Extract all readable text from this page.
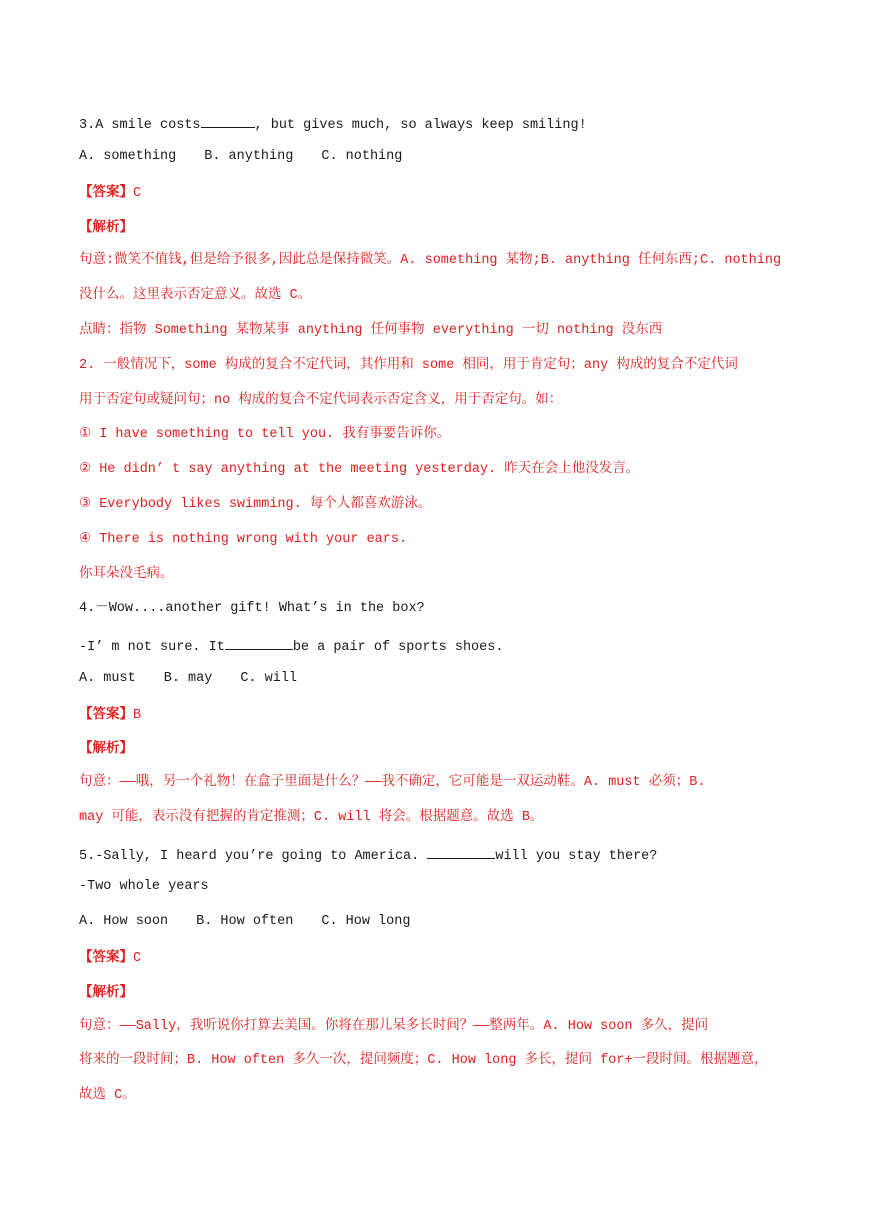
3.A smile costs	, but gives much, so always keep smiling!
A. something B. anything C. nothing
【答案】C
【解析】
句意:微笑不值钱,但是给予很多,因此总是保持微笑。A. something 某物;B. anything 任何东西;C. nothing
没什么。这里表示否定意义。故选 C。
点睛：指物 Something 某物某事 anything 任何事物 everything 一切 nothing 没东西
2. 一般情况下，some 构成的复合不定代词，其作用和 some 相同，用于肯定句；any 构成的复合不定代词
用于否定句或疑问句；no 构成的复合不定代词表示否定含义，用于否定句。如：
① I have something to tell you. 我有事要告诉你。
② He didn’ t say anything at the meeting yesterday. 昨天在会上他没发言。
③ Everybody likes swimming. 每个人都喜欢游泳。
④ There is nothing wrong with your ears.
你耳朵没毛病。
4.－Wow....another gift! What’s in the box?
-I’ m not sure. It	be a pair of sports shoes.
A. must B. may C. will
【答案】B
【解析】
句意：——哦，另一个礼物！在盒子里面是什么？——我不确定，它可能是一双运动鞋。A. must 必须；B.
may 可能，表示没有把握的肯定推测；C. will 将会。根据题意。故选 B。
5.-Sally, I heard you’re going to America.	will you stay there?
-Two whole years
A. How soon B. How often C. How long
【答案】C
【解析】
句意：——Sally，我听说你打算去美国。你将在那儿呆多长时间？——整两年。A. How soon 多久，提问
将来的一段时间；B. How often 多久一次，提问频度；C. How long 多长，提问 for+一段时间。根据题意，
故选 C。
